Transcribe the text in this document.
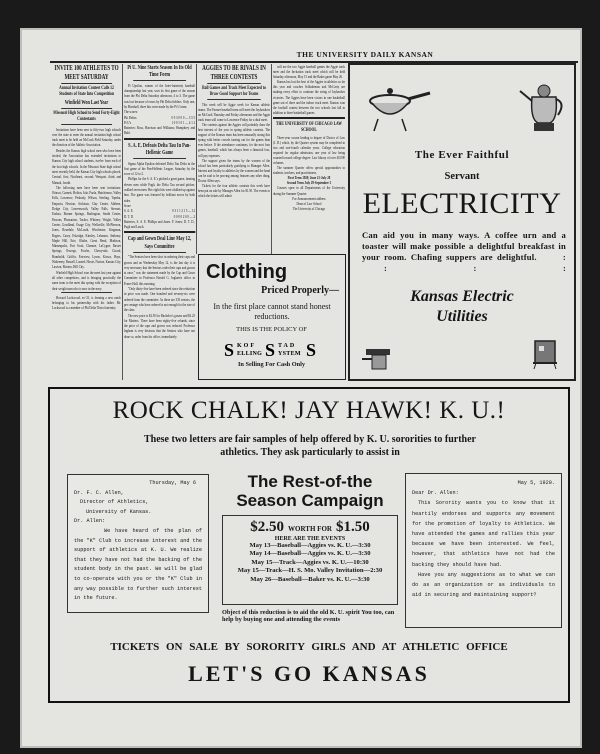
THE UNIVERSITY DAILY KANSAN
INVITE 100 ATHLETES TO MEET SATURDAY
Annual Invitation Contest Calls 12 Students of State Into Competition
Winfield Won Last Year
Missouri High School to Send Forty-Eight Contestants

Invitations have been sent to fifty-two high schools over the state to enter the annual invitation high school track meet to be held on McCook Field Saturday, under the direction of the Athletic Association.

Besides the Kansas high school men who have been invited, the Association has extended invitations to Kansas City high school students, twelve from each of the four high schools. In the Missouri State high school meet recently held, the Kansas City high schools placed, Central, first; Northeast, second; Westport, third; and Manual, fourth.

The following men have been sent invitations: Ottawa, Garnett, Holton, Iola, Paola, Hutchinson, Valley Falls, Lawrence, Peabody, Wilson, Sterling, Topeka, Emporia, Newton, Atchison, Clay Center, Abilene, Dodge City, Leavenworth, Valley Falls, Stewart, Eudora, Bonner Springs, Burlington, Smith Center, Parsons, Pleasanton, Tucker, Whitney, Wright, Valley Center, Goodland, Osage City, Wellsville, McPherson, Jones, Rosedale, McLouth, Winchester, Kingman, Rogers, Casey, Eskridge, Kinsley, Lebanon, Anthony, Maple Hill, Erie, Olathe, Great Bend, Madison, Minneapolis, Fort Scott, Chanute, LaCygne, Baxter Springs, Oswego, Fowler, Cherryvale, Girard, Humboldt, Griffin, Fairview, Lyons, Kiowa, Hays, Wakeeney, Russell, Larned, Hoxie, Norton, Kansas City, Lawton, Marion, Hill City.

Winfield High School won the meet last year against all other competitors, and is bringing practically the same team to the meet this spring with the exception of their weight man who is now in the navy.

Howard Lockwood, ex-'21, is farming a new ranch belonging to his partnership with his father. Mr. Lockwood is a member of Phi Delta Theta fraternity.

Pi U. Nine Starts Season In Its Old Time Form

Pi Upsilon, winner of the Inter-fraternity baseball championship last year, won its first game of the season from the Phi Delta Saturday afternoon, 4 to 3. The game was lost because of errors by Phi Delta fielders. Only one, by Marshall, three hits were made by the Pi U team.

The scores:
Phi Deltas	0 0 3 0 0 0 — 3 5 5
Pi U's	1 0 0 1 0 1 — 4 1 2
Batteries: Ross, Harrison and Williams; Humphrey and Bahl.
S. A. E. Defeats Delta Tau In Pan-Hellenic Game

Sigma Alpha Epsilon defeated Delta Tau Delta in the first game of the Pan-Hellenic League, Saturday by the score of 12 to 2.

Phillips for the S. A. E.'s pitched a great game, fanning eleven men while Pugh, the Delta Tau second pitcher, walked seven men. Her eight hits were chalked up against him. The game was featured by brilliant errors by both sides.

Score
S. A. E.	0 3 1 1 2 1 5 — 12
D. T. D.	0 0 0 0 2 0 0 — 2
Batteries, S. A. E. Phillips and Jones. F. Jones; D. T. D., Pugh and Lasch.
Cap and Gown Deal Line May 12, Says Committee

"The Seniors have been slow in ordering their caps and gowns and on Wednesday May 12, is the last day it is very necessary that the Seniors order their caps and gowns at once," was the statement made by the Cap and Gown Committee in Professor Harold G. Ingham's office in Fraser Hall, this morning.

"Only thirty-five have been ordered since the reduction in price was made. One hundred and seventy-six were ordered from the committee. As there are 335 seniors, the per centage who have ordered is not enough for the size of the class.

The new price is $2.50 for Bachelor's gowns and $3.25 for Masters. There have been eighty-five refunds, since the price of the caps and gowns was reduced. Professor Ingham is very desirous that the Seniors who have not done so, order from his office, immediately.

AGGIES TO BE RIVALS IN THREE CONTESTS
Ball Games and Track Meet Expected to Draw Good Support for Teams

This week will be Aggie week for Kansas athletic teams. The Farmer baseball team will meet the Jayhawkers on McCook Thursday and Friday afternoons and the Aggie track team will come to Lawrence Friday for a dual meet.

The contests against the Aggies will probably draw the best interest of the year in spring athletic contests. The support of the Kansas team has been unusually strong this spring with better crowds turning out for the games than ever before. If the attendance continues, for the next four games, baseball, which has always been a financial loss, will pay expenses.

The support given the teams by the women of the school has been particularly gratifying to Manager Allen. Interest and loyalty to athletics by the women and the band can be said to be proving among features any other thing, Doctor Allen says.

Tickets for the four athletic contests this week have been put on sale by Manager Allen for $1.50. The events to which the tickets will admit

will are the two Aggie baseball games the Aggie track meet and the Invitation track meet which will be held Saturday afternoon, May 15 and the Baker game May 26.

Kansas has lost the best of the Aggies in athletics so far this year and coaches Schlademan and McCarty are making every effort to continue the string of Jayhawker victories. The Aggies have been victors in one basketball game out of three and the indoor track meet. Kansas won the football contest between the two schools last fall in addition to three basketball games.

THE UNIVERSITY OF CHICAGO LAW SCHOOL

Three-year course leading to degree of Doctor of Law (J. D.) which, by the Quarter system may be completed in two and one-fourth calendar years. College education required for regular admission, one year of law being counted toward college degree. Law library of over 40,000 volumes.

The summer Quarter offers special opportunities to students, teachers, and practitioners.

First Term 1920, June 21-July 28
Second Term July 29-September 3

Courses open in all Departments of the University during the Summer Quarter.

For Announcement address
Dean of Law School
The University of Chicago
The Ever Faithful
Servant
ELECTRICITY
Can aid you in many ways. A coffee urn and a toaster will make possible a delightful breakfast in your room. Chafing suppers are delightful.	: :	:	:
Kansas Electric
Utilities
Clothing
Priced Properly—
In the first place cannot stand honest reductions.
THIS IS THE POLICY OF
S KOF
ELLING S TAD
YSTEM S
In Selling For Cash Only
ROCK CHALK! JAY HAWK! K. U.!
These two letters are fair samples of help offered by K. U. sororities to further athletics. They ask particularly to assist in
Thursday, May 6
Dr. F. C. Allen,
Director of Athletics,
University of Kansas.
Dr. Allen:
We have heard of the plan of the "K" Club to increase interest and the support of athletics at K. U. We realize that they have not had the backing of the student body in the past. We will be glad to co-operate with you or the "K" Club in any way possible to further such interest in the future.
The Rest-of-the
Season Campaign
$2.50 WORTH FOR $1.50
HERE ARE THE EVENTS
May 13—Baseball—Aggies vs. K. U.—3:30
May 14—Baseball—Aggies vs. K. U.—3:30
May 15—Track—Aggies vs. K. U.—10:30
May 15—Track—H. S. Mo. Valley Invitation—2:30
May 26—Baseball—Baker vs. K. U.—3:30
Object of this reduction is to aid the old K. U. spirit You too, can help by buying one and attending the events
May 5, 1920.
Dear Dr. Allen:
This Sorority wants you to know that it heartily endorses and supports any movement for the promotion of loyalty to Athletics. We have attended the games and rallies this year because we have been interested. We feel, however, that athletics have not had the backing they should have had.
Have you any suggestions as to what we can do as an organization or as individuals to aid in securing and maintaining support?
TICKETS ON SALE BY SORORITY GIRLS AND AT ATHLETIC OFFICE
LET'S GO KANSAS
